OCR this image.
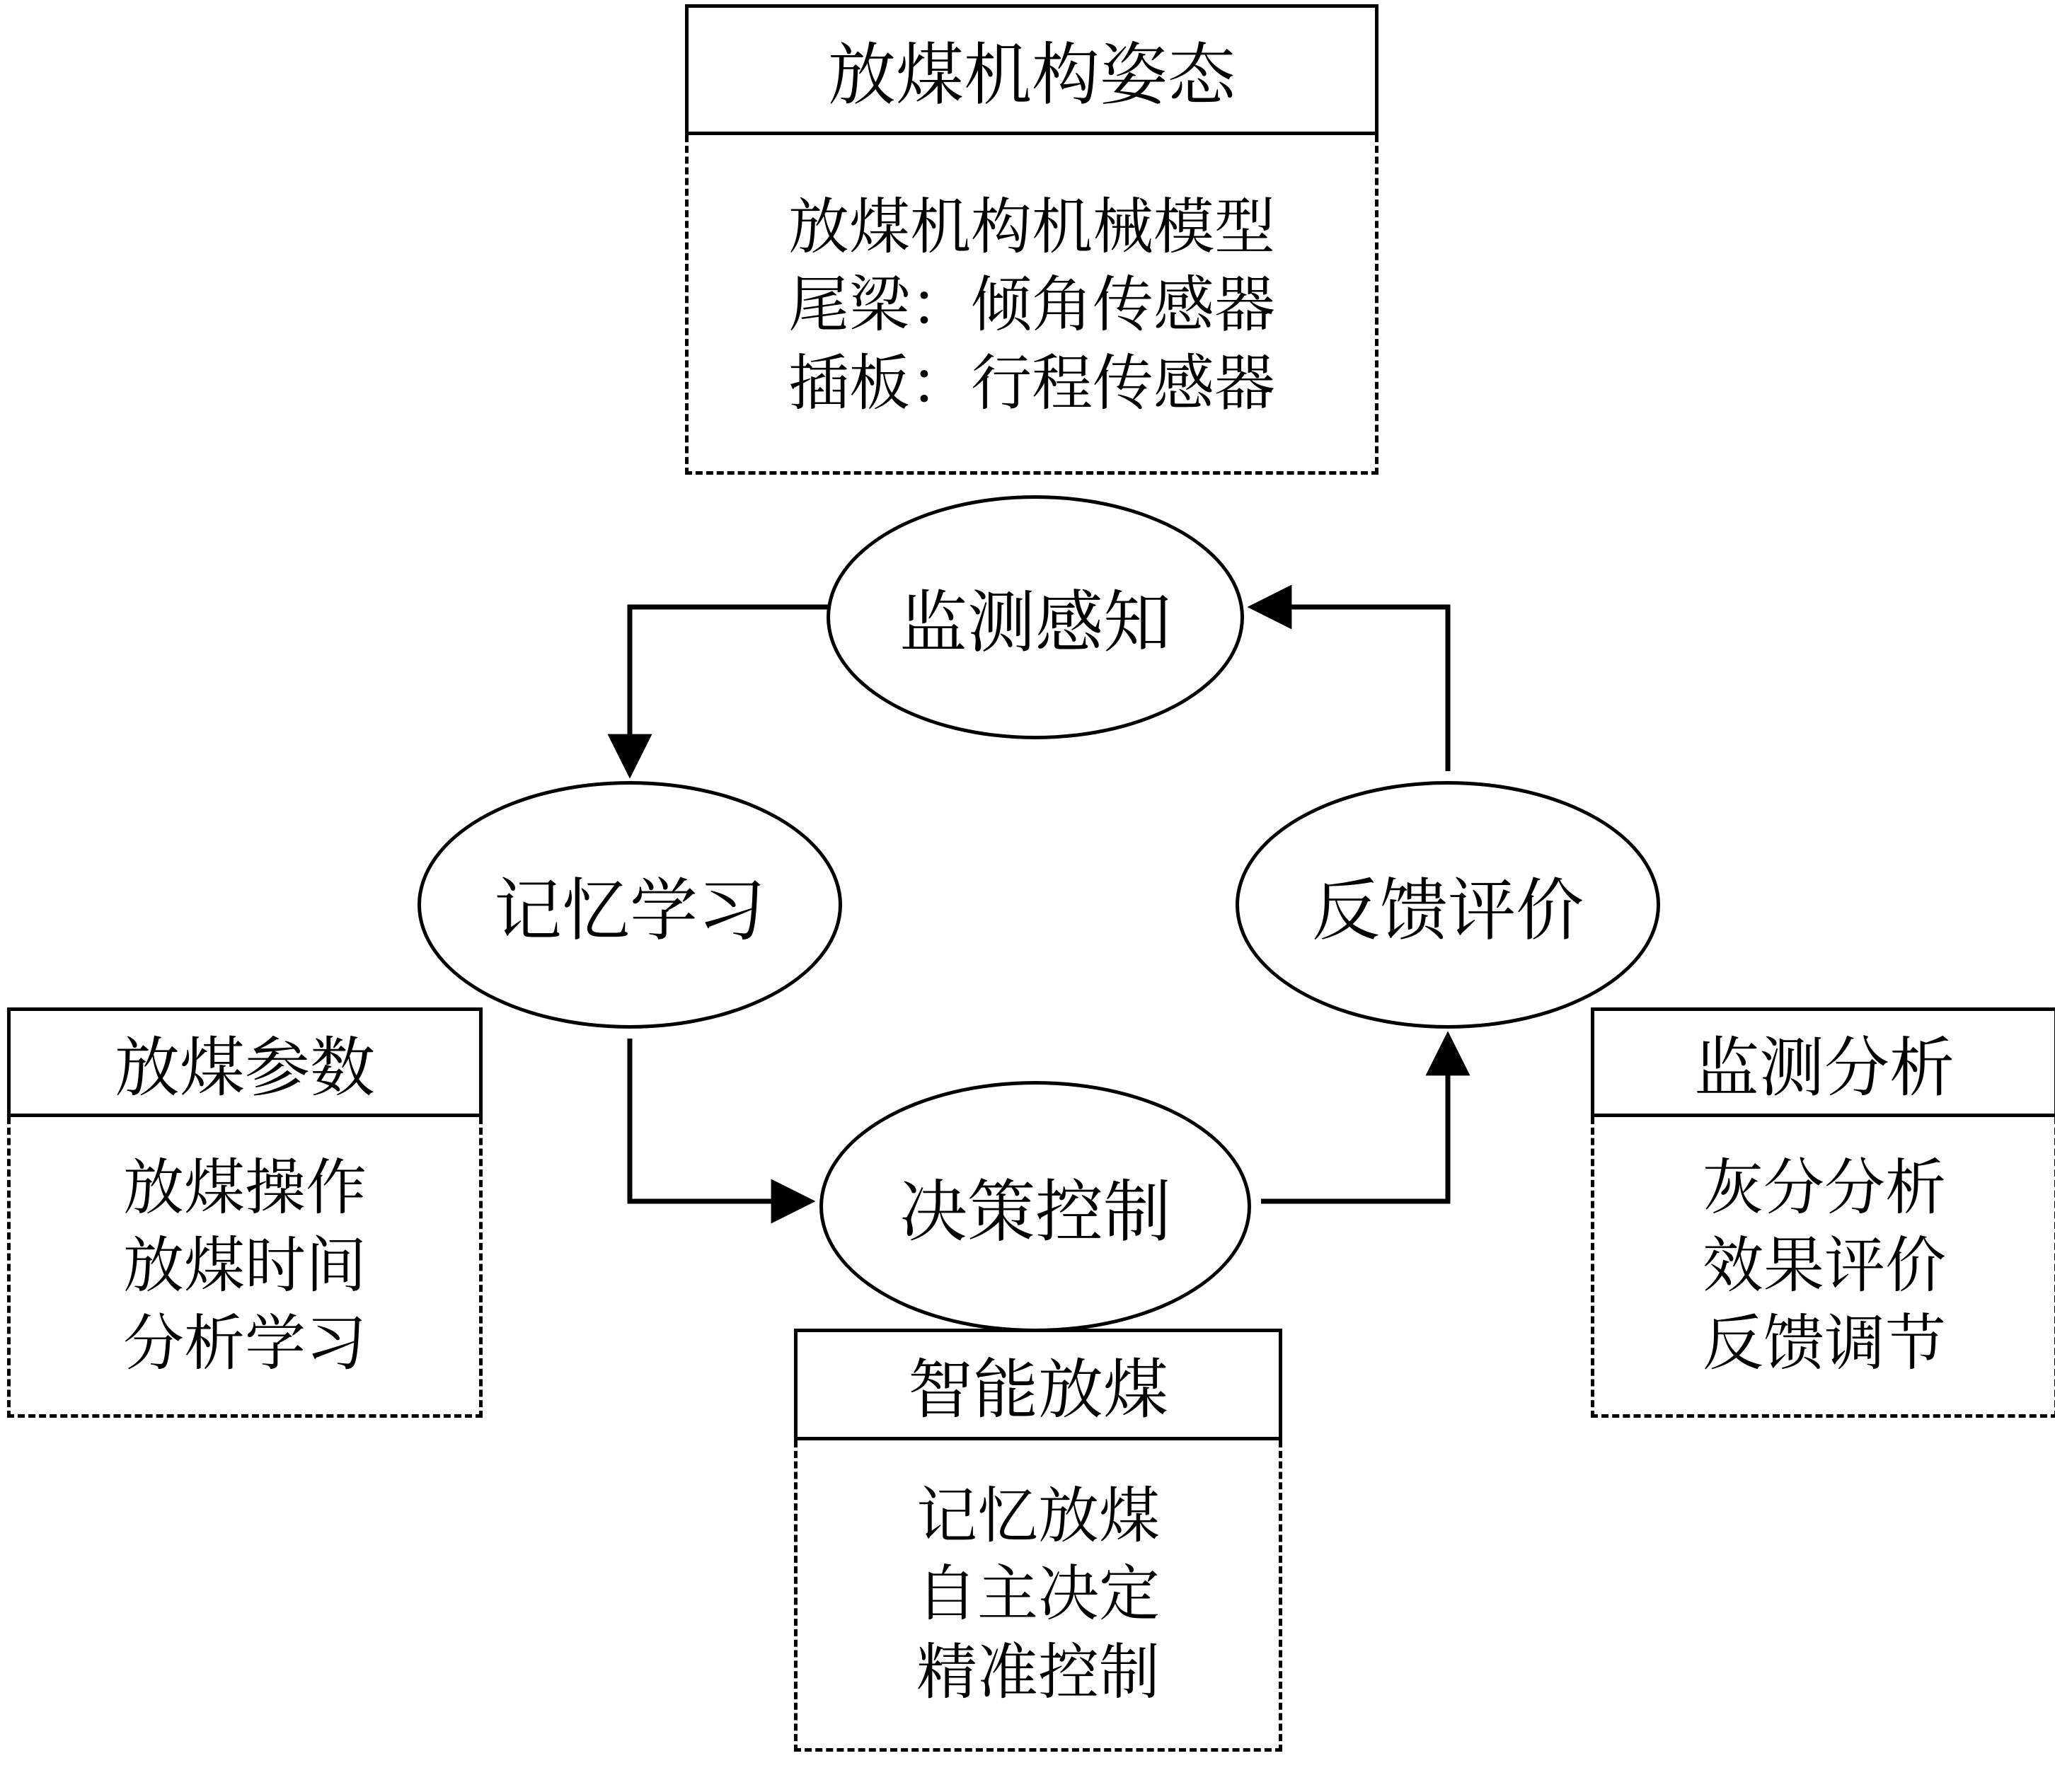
放煤机构姿态
放煤机构机械模型
尾梁：倾角传感器
插板：行程传感器
放煤参数
放煤操作
放煤时间
分析学习
监测分析
灰分分析
效果评价
反馈调节
智能放煤
记忆放煤
自主决定
精准控制
监测感知
记忆学习	反馈评价
决策控制
